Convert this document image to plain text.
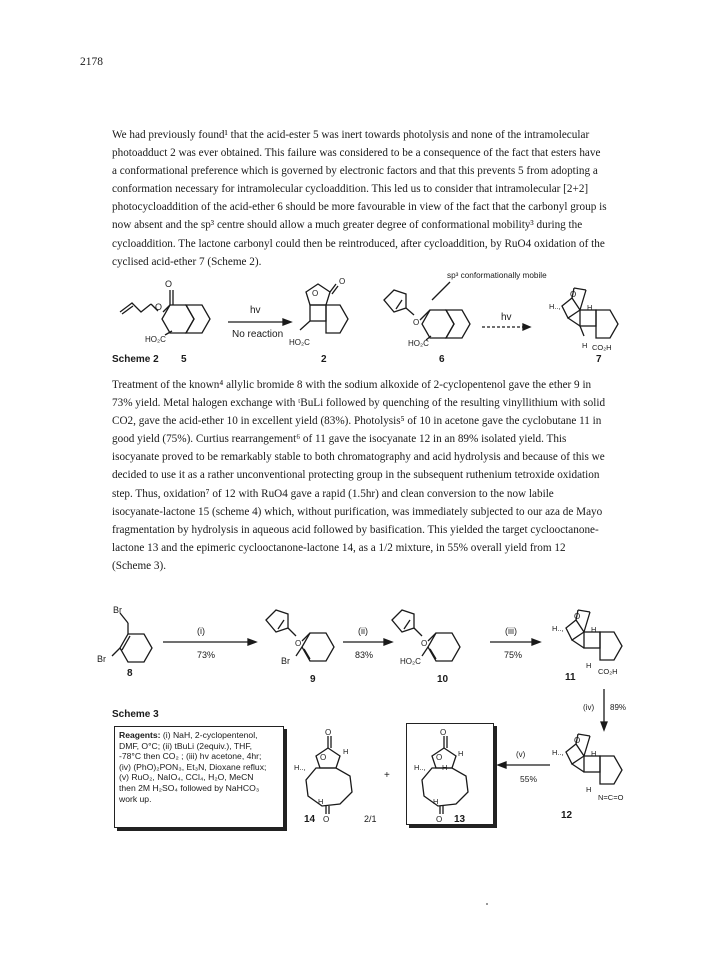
2178
We had previously found¹ that the acid-ester 5 was inert towards photolysis and none of the intramolecular
photoadduct 2 was ever obtained. This failure was considered to be a consequence of the fact that esters have
a conformational preference which is governed by electronic factors and that this prevents 5 from adopting a
conformation necessary for intramolecular cycloaddition. This led us to consider that intramolecular [2+2]
photocycloaddition of the acid-ether 6 should be more favourable in view of the fact that the carbonyl group is
now absent and the sp³ centre should allow a much greater degree of conformational mobility³ during the
cycloaddition. The lactone carbonyl could then be reintroduced, after cycloaddition, by RuO4 oxidation of the
cyclised acid-ether 7 (Scheme 2).
O
O
HO₂C
hv
No reaction
O
O
HO₂C
O
HO₂C
sp³ conformationally mobile
hv
O
H..,	H
H CO₂H
5	2	6	7
Scheme 2
Br
Br
8
(i)
73%
O
Br
9
(ii)
83%
O
HO₂C
10
(iii)
75%
O
H..,	H
H
CO₂H
11
(iv) 89%
O
H..,	H
H
N=C=O
12
(v)
55%
O
O
H.., H
H
H
O 13
+
O
O
H..,
H
H
O
14	2/1
Scheme 3
Treatment of the known⁴ allylic bromide 8 with the sodium alkoxide of 2-cyclopentenol gave the ether 9 in
73% yield. Metal halogen exchange with ᵗBuLi followed by quenching of the resulting vinyllithium with solid
CO2, gave the acid-ether 10 in excellent yield (83%). Photolysis⁵ of 10 in acetone gave the cyclobutane 11 in
good yield (75%). Curtius rearrangement⁶ of 11 gave the isocyanate 12 in an 89% isolated yield. This
isocyanate proved to be remarkably stable to both chromatography and acid hydrolysis and because of this we
decided to use it as a rather unconventional protecting group in the subsequent ruthenium tetroxide oxidation
step. Thus, oxidation⁷ of 12 with RuO4 gave a rapid (1.5hr) and clean conversion to the now labile
isocyanate-lactone 15 (scheme 4) which, without purification, was immediately subjected to our aza de Mayo
fragmentation by hydrolysis in aqueous acid followed by basification. This yielded the target cyclooctanone-
lactone 13 and the epimeric cyclooctanone-lactone 14, as a 1/2 mixture, in 55% overall yield from 12
(Scheme 3).
Reagents: (i) NaH, 2-cyclopentenol,
DMF, O°C; (ii) tBuLi (2equiv.), THF,
-78°C then CO₂ ; (iii) hv acetone, 4hr;
(iv) (PhO)₂PON₃, Et₃N, Dioxane reflux;
(v) RuO₂, NaIO₄, CCl₄, H₂O, MeCN
then 2M H₂SO₄ followed by NaHCO₃
work up.
